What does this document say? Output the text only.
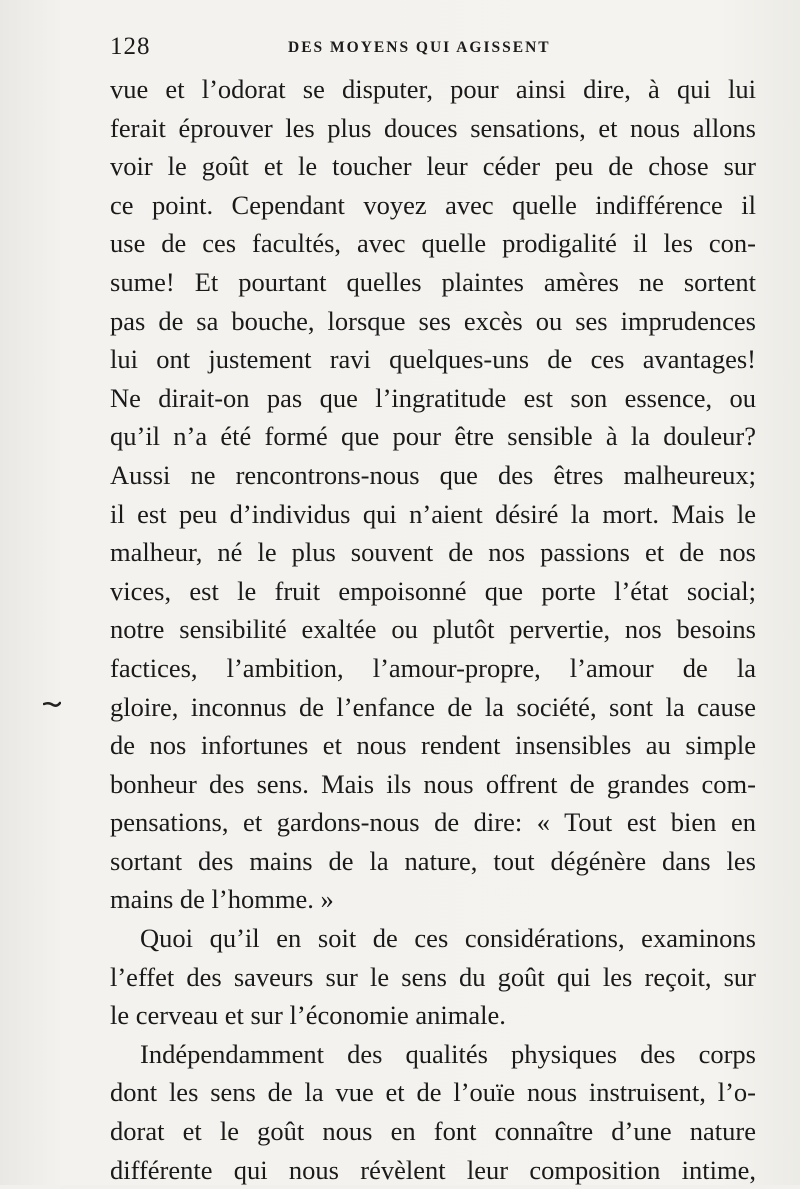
128	DES MOYENS QUI AGISSENT

vue et l’odorat se disputer, pour ainsi dire, à qui lui
ferait éprouver les plus douces sensations, et nous allons
voir le goût et le toucher leur céder peu de chose sur
ce point. Cependant voyez avec quelle indifférence il
use de ces facultés, avec quelle prodigalité il les con-
sume! Et pourtant quelles plaintes amères ne sortent
pas de sa bouche, lorsque ses excès ou ses imprudences
lui ont justement ravi quelques-uns de ces avantages!
Ne dirait-on pas que l’ingratitude est son essence, ou
qu’il n’a été formé que pour être sensible à la douleur?
Aussi ne rencontrons-nous que des êtres malheureux;
il est peu d’individus qui n’aient désiré la mort. Mais le
malheur, né le plus souvent de nos passions et de nos
vices, est le fruit empoisonné que porte l’état social;
notre sensibilité exaltée ou plutôt pervertie, nos besoins
factices, l’ambition, l’amour-propre, l’amour de la
gloire, inconnus de l’enfance de la société, sont la cause
de nos infortunes et nous rendent insensibles au simple
bonheur des sens. Mais ils nous offrent de grandes com-
pensations, et gardons-nous de dire: « Tout est bien en
sortant des mains de la nature, tout dégénère dans les
mains de l’homme. »

Quoi qu’il en soit de ces considérations, examinons
l’effet des saveurs sur le sens du goût qui les reçoit, sur
le cerveau et sur l’économie animale.

Indépendamment des qualités physiques des corps
dont les sens de la vue et de l’ouïe nous instruisent, l’o-
dorat et le goût nous en font connaître d’une nature
différente qui nous révèlent leur composition intime,
